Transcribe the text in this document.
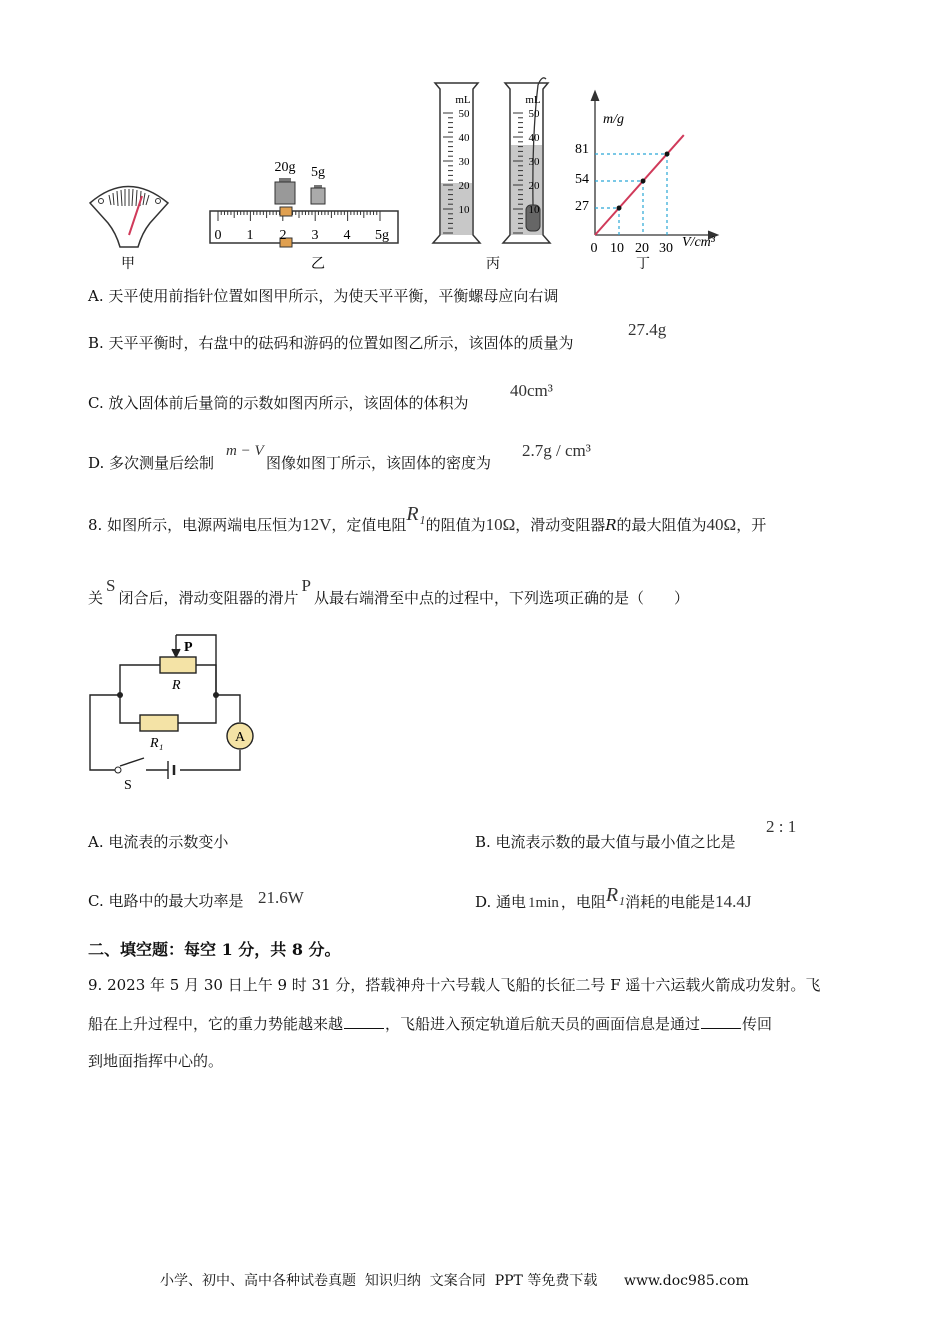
甲
20g 5g
0 1 2 3 4 5g
乙
mL
50
40
30
20
10
mL
50
40
30
20
10
丙
m/g
81
54
27
0 10 20 30 V/cm³
丁
A. 天平使用前指针位置如图甲所示，为使天平平衡，平衡螺母应向右调
B. 天平平衡时，右盘中的砝码和游码的位置如图乙所示，该固体的质量为
27.4g
C. 放入固体前后量筒的示数如图丙所示，该固体的体积为
40cm³
D. 多次测量后绘制
m − V
图像如图丁所示，该固体的密度为
2.7g / cm³
8. 如图所示，电源两端电压恒为12V，定值电阻R₁的阻值为10Ω，滑动变阻器R的最大阻值为40Ω，开
关S闭合后，滑动变阻器的滑片P从最右端滑至中点的过程中，下列选项正确的是（　　）
P
R
R₁	A
S
A. 电流表的示数变小	B. 电流表示数的最大值与最小值之比是
2 : 1
C. 电路中的最大功率是 21.6W	D. 通电 1min ，电阻R₁消耗的电能是14.4J
二、填空题：每空 1 分，共 8 分。
9. 2023 年 5 月 30 日上午 9 时 31 分，搭载神舟十六号载人飞船的长征二号 F 遥十六运载火箭成功发射。飞
船在上升过程中，它的重力势能越来越	，飞船进入预定轨道后航天员的画面信息是通过	传回
到地面指挥中心的。
小学、初中、高中各种试卷真题  知识归纳  文案合同  PPT 等免费下载      www.doc985.com
